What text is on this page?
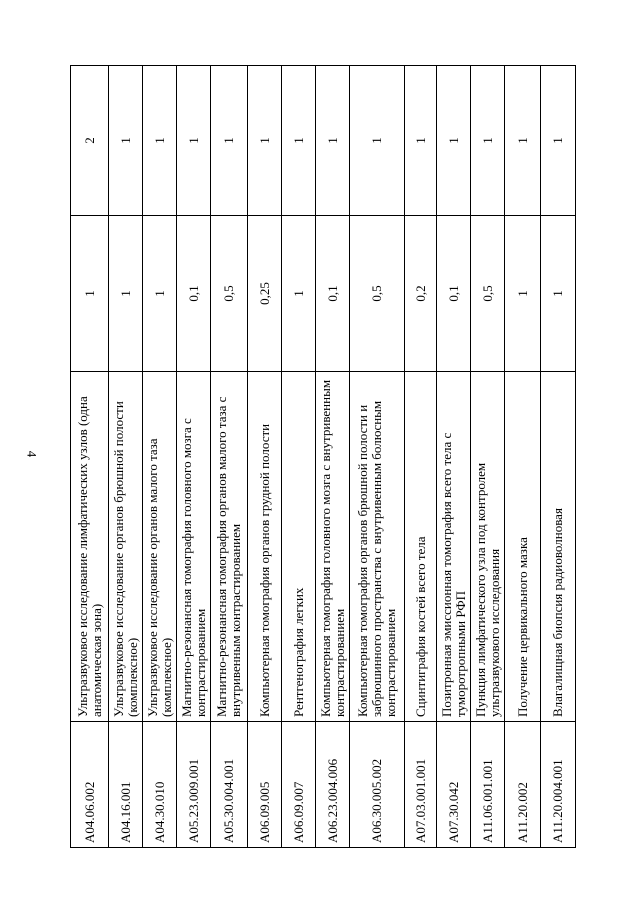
4
A04.06.002	Ультразвуковое исследование лимфатических узлов (одна анатомическая зона)	1	2
A04.16.001	Ультразвуковое исследование органов брюшной полости (комплексное)	1	1
A04.30.010	Ультразвуковое исследование органов малого таза (комплексное)	1	1
A05.23.009.001	Магнитно-резонансная томография головного мозга с контрастированием	0,1	1
A05.30.004.001	Магнитно-резонансная томография органов малого таза с внутривенным контрастированием	0,5	1
A06.09.005	Компьютерная томография органов грудной полости	0,25	1
A06.09.007	Рентгенография легких	1	1
A06.23.004.006	Компьютерная томография головного мозга с внутривенным контрастированием	0,1	1
A06.30.005.002	Компьютерная томография органов брюшной полости и забрюшинного пространства с внутривенным болюсным контрастированием	0,5	1
A07.03.001.001	Сцинтиграфия костей всего тела	0,2	1
A07.30.042	Позитронная эмиссионная томография всего тела с туморотропными РФП	0,1	1
A11.06.001.001	Пункция лимфатического узла под контролем ультразвукового исследования	0,5	1
A11.20.002	Получение цервикального мазка	1	1
A11.20.004.001	Влагалищная биопсия радиоволновая	1	1
